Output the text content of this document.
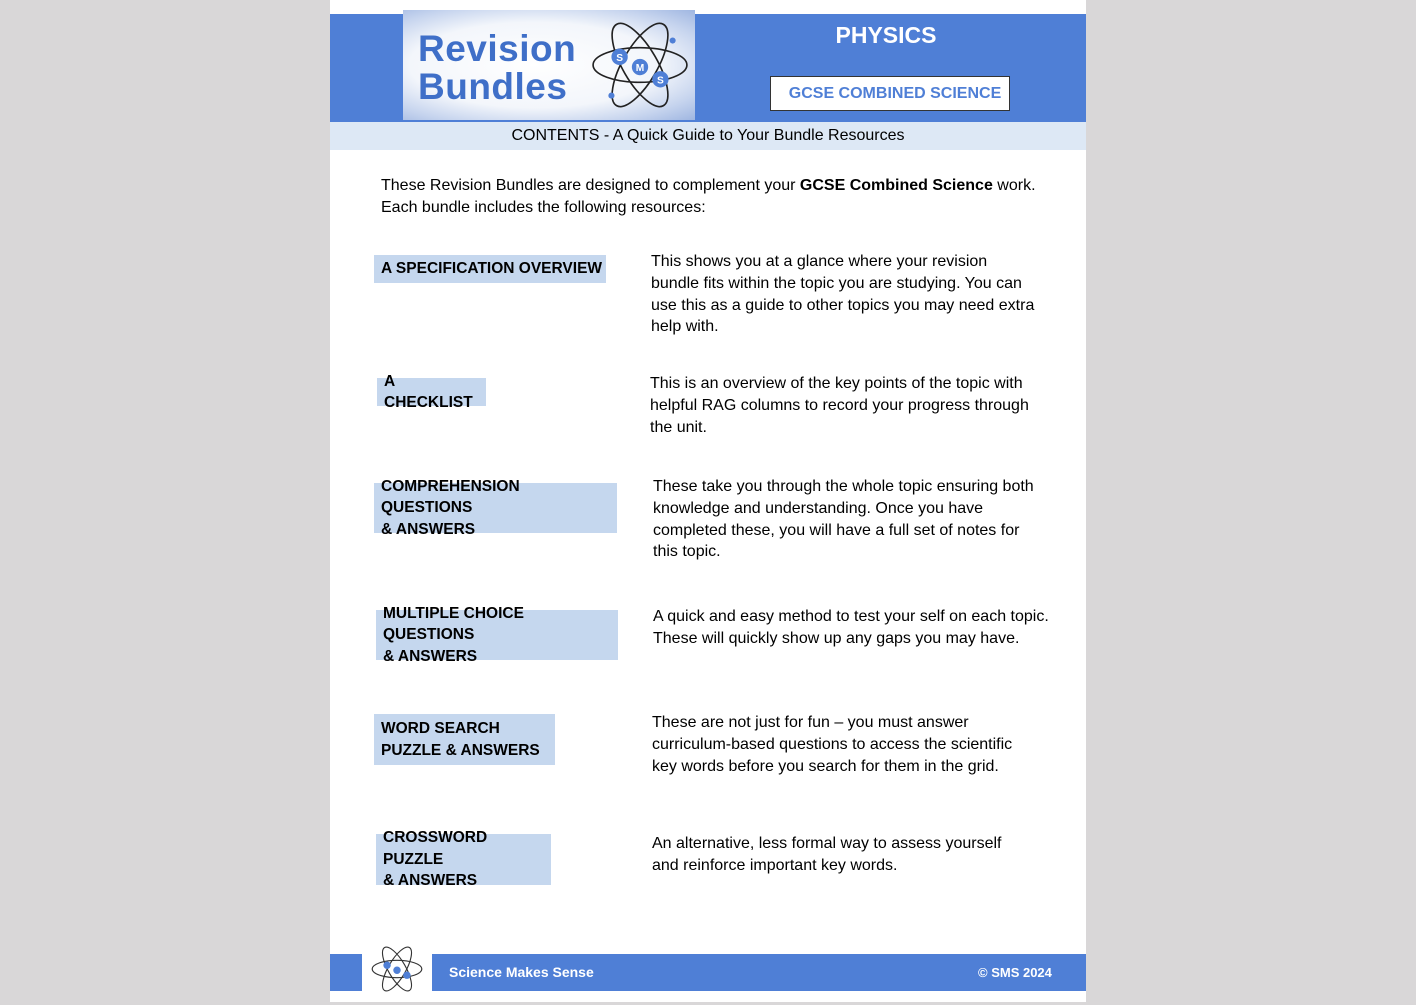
Revision
Bundles
S
M
S
PHYSICS
GCSE COMBINED SCIENCE
CONTENTS - A Quick Guide to Your Bundle Resources
These Revision Bundles are designed to complement your GCSE Combined Science work.
Each bundle includes the following resources:
A SPECIFICATION OVERVIEW	This shows you at a glance where your revision
bundle fits within the topic you are studying. You can
use this as a guide to other topics you may need extra
help with.
A CHECKLIST
This is an overview of the key points of the topic with
helpful RAG columns to record your progress through
the unit.
COMPREHENSION QUESTIONS
& ANSWERS
These take you through the whole topic ensuring both
knowledge and understanding. Once you have
completed these, you will have a full set of notes for
this topic.
MULTIPLE CHOICE QUESTIONS
& ANSWERS
A quick and easy method to test your self on each topic.
These will quickly show up any gaps you may have.
WORD SEARCH
PUZZLE & ANSWERS
These are not just for fun – you must answer
curriculum-based questions to access the scientific
key words before you search for them in the grid.
CROSSWORD PUZZLE
& ANSWERS
An alternative, less formal way to assess yourself
and reinforce important key words.
Science Makes Sense	© SMS 2024
